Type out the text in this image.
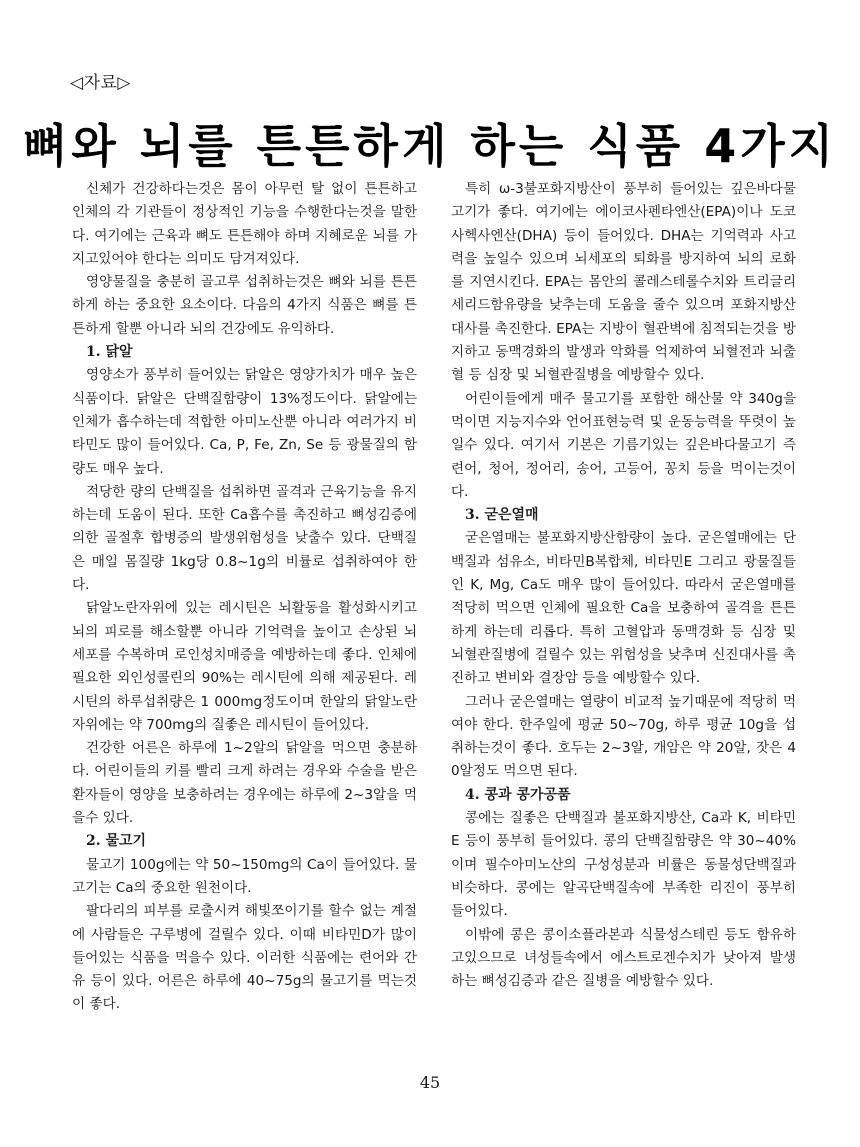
◁자료▷
뼈와 뇌를 튼튼하게 하는 식품 4가지

신체가 건강하다는것은 몸이 아무런 탈 없이 튼튼하고 인체의 각 기관들이 정상적인 기능을 수행한다는것을 말한다. 여기에는 근육과 뼈도 튼튼해야 하며 지혜로운 뇌를 가지고있어야 한다는 의미도 담겨져있다.

영양물질을 충분히 골고루 섭취하는것은 뼈와 뇌를 튼튼하게 하는 중요한 요소이다. 다음의 4가지 식품은 뼈를 튼튼하게 할뿐 아니라 뇌의 건강에도 유익하다.

1. 닭알

영양소가 풍부히 들어있는 닭알은 영양가치가 매우 높은 식품이다. 닭알은 단백질함량이 13%정도이다. 닭알에는 인체가 흡수하는데 적합한 아미노산뿐 아니라 여러가지 비타민도 많이 들어있다. Ca, P, Fe, Zn, Se 등 광물질의 함량도 매우 높다.

적당한 량의 단백질을 섭취하면 골격과 근육기능을 유지하는데 도움이 된다. 또한 Ca흡수를 촉진하고 뼈성김증에 의한 골절후 합병증의 발생위험성을 낮출수 있다. 단백질은 매일 몸질량 1kg당 0.8~1g의 비률로 섭취하여야 한다.

닭알노란자위에 있는 레시틴은 뇌활동을 활성화시키고 뇌의 피로를 해소할뿐 아니라 기억력을 높이고 손상된 뇌세포를 수복하며 로인성치매증을 예방하는데 좋다. 인체에 필요한 외인성콜린의 90%는 레시틴에 의해 제공된다. 레시틴의 하루섭취량은 1 000mg정도이며 한알의 닭알노란자위에는 약 700mg의 질좋은 레시틴이 들어있다.

건강한 어른은 하루에 1~2알의 닭알을 먹으면 충분하다. 어린이들의 키를 빨리 크게 하려는 경우와 수술을 받은 환자들이 영양을 보충하려는 경우에는 하루에 2~3알을 먹을수 있다.

2. 물고기

물고기 100g에는 약 50~150mg의 Ca이 들어있다. 물고기는 Ca의 중요한 원천이다.

팔다리의 피부를 로출시켜 해빛쪼이기를 할수 없는 계절에 사람들은 구루병에 걸릴수 있다. 이때 비타민D가 많이 들어있는 식품을 먹을수 있다. 이러한 식품에는 련어와 간유 등이 있다. 어른은 하루에 40~75g의 물고기를 먹는것이 좋다.

특히 ω-3불포화지방산이 풍부히 들어있는 깊은바다물고기가 좋다. 여기에는 에이코사펜타엔산(EPA)이나 도코사헥사엔산(DHA) 등이 들어있다. DHA는 기억력과 사고력을 높일수 있으며 뇌세포의 퇴화를 방지하여 뇌의 로화를 지연시킨다. EPA는 몸안의 콜레스테롤수치와 트리글리세리드함유량을 낮추는데 도움을 줄수 있으며 포화지방산대사를 촉진한다. EPA는 지방이 혈관벽에 침적되는것을 방지하고 동맥경화의 발생과 악화를 억제하여 뇌혈전과 뇌출혈 등 심장 및 뇌혈관질병을 예방할수 있다.

어린이들에게 매주 물고기를 포함한 해산물 약 340g을 먹이면 지능지수와 언어표현능력 및 운동능력을 뚜렷이 높일수 있다. 여기서 기본은 기름기있는 깊은바다물고기 즉 련어, 청어, 정어리, 송어, 고등어, 꽁치 등을 먹이는것이다.

3. 굳은열매

굳은열매는 불포화지방산함량이 높다. 굳은열매에는 단백질과 섬유소, 비타민B복합체, 비타민E 그리고 광물질들인 K, Mg, Ca도 매우 많이 들어있다. 따라서 굳은열매를 적당히 먹으면 인체에 필요한 Ca을 보충하여 골격을 튼튼하게 하는데 리롭다. 특히 고혈압과 동맥경화 등 심장 및 뇌혈관질병에 걸릴수 있는 위험성을 낮추며 신진대사를 촉진하고 변비와 결장암 등을 예방할수 있다.

그러나 굳은열매는 열량이 비교적 높기때문에 적당히 먹여야 한다. 한주일에 평균 50~70g, 하루 평균 10g을 섭취하는것이 좋다. 호두는 2~3알, 개암은 약 20알, 잣은 40알정도 먹으면 된다.

4. 콩과 콩가공품

콩에는 질좋은 단백질과 불포화지방산, Ca과 K, 비타민E 등이 풍부히 들어있다. 콩의 단백질함량은 약 30~40%이며 필수아미노산의 구성성분과 비률은 동물성단백질과 비슷하다. 콩에는 알곡단백질속에 부족한 리진이 풍부히 들어있다.

이밖에 콩은 콩이소플라본과 식물성스테린 등도 함유하고있으므로 녀성들속에서 에스트로겐수치가 낮아져 발생하는 뼈성김증과 같은 질병을 예방할수 있다.

45
